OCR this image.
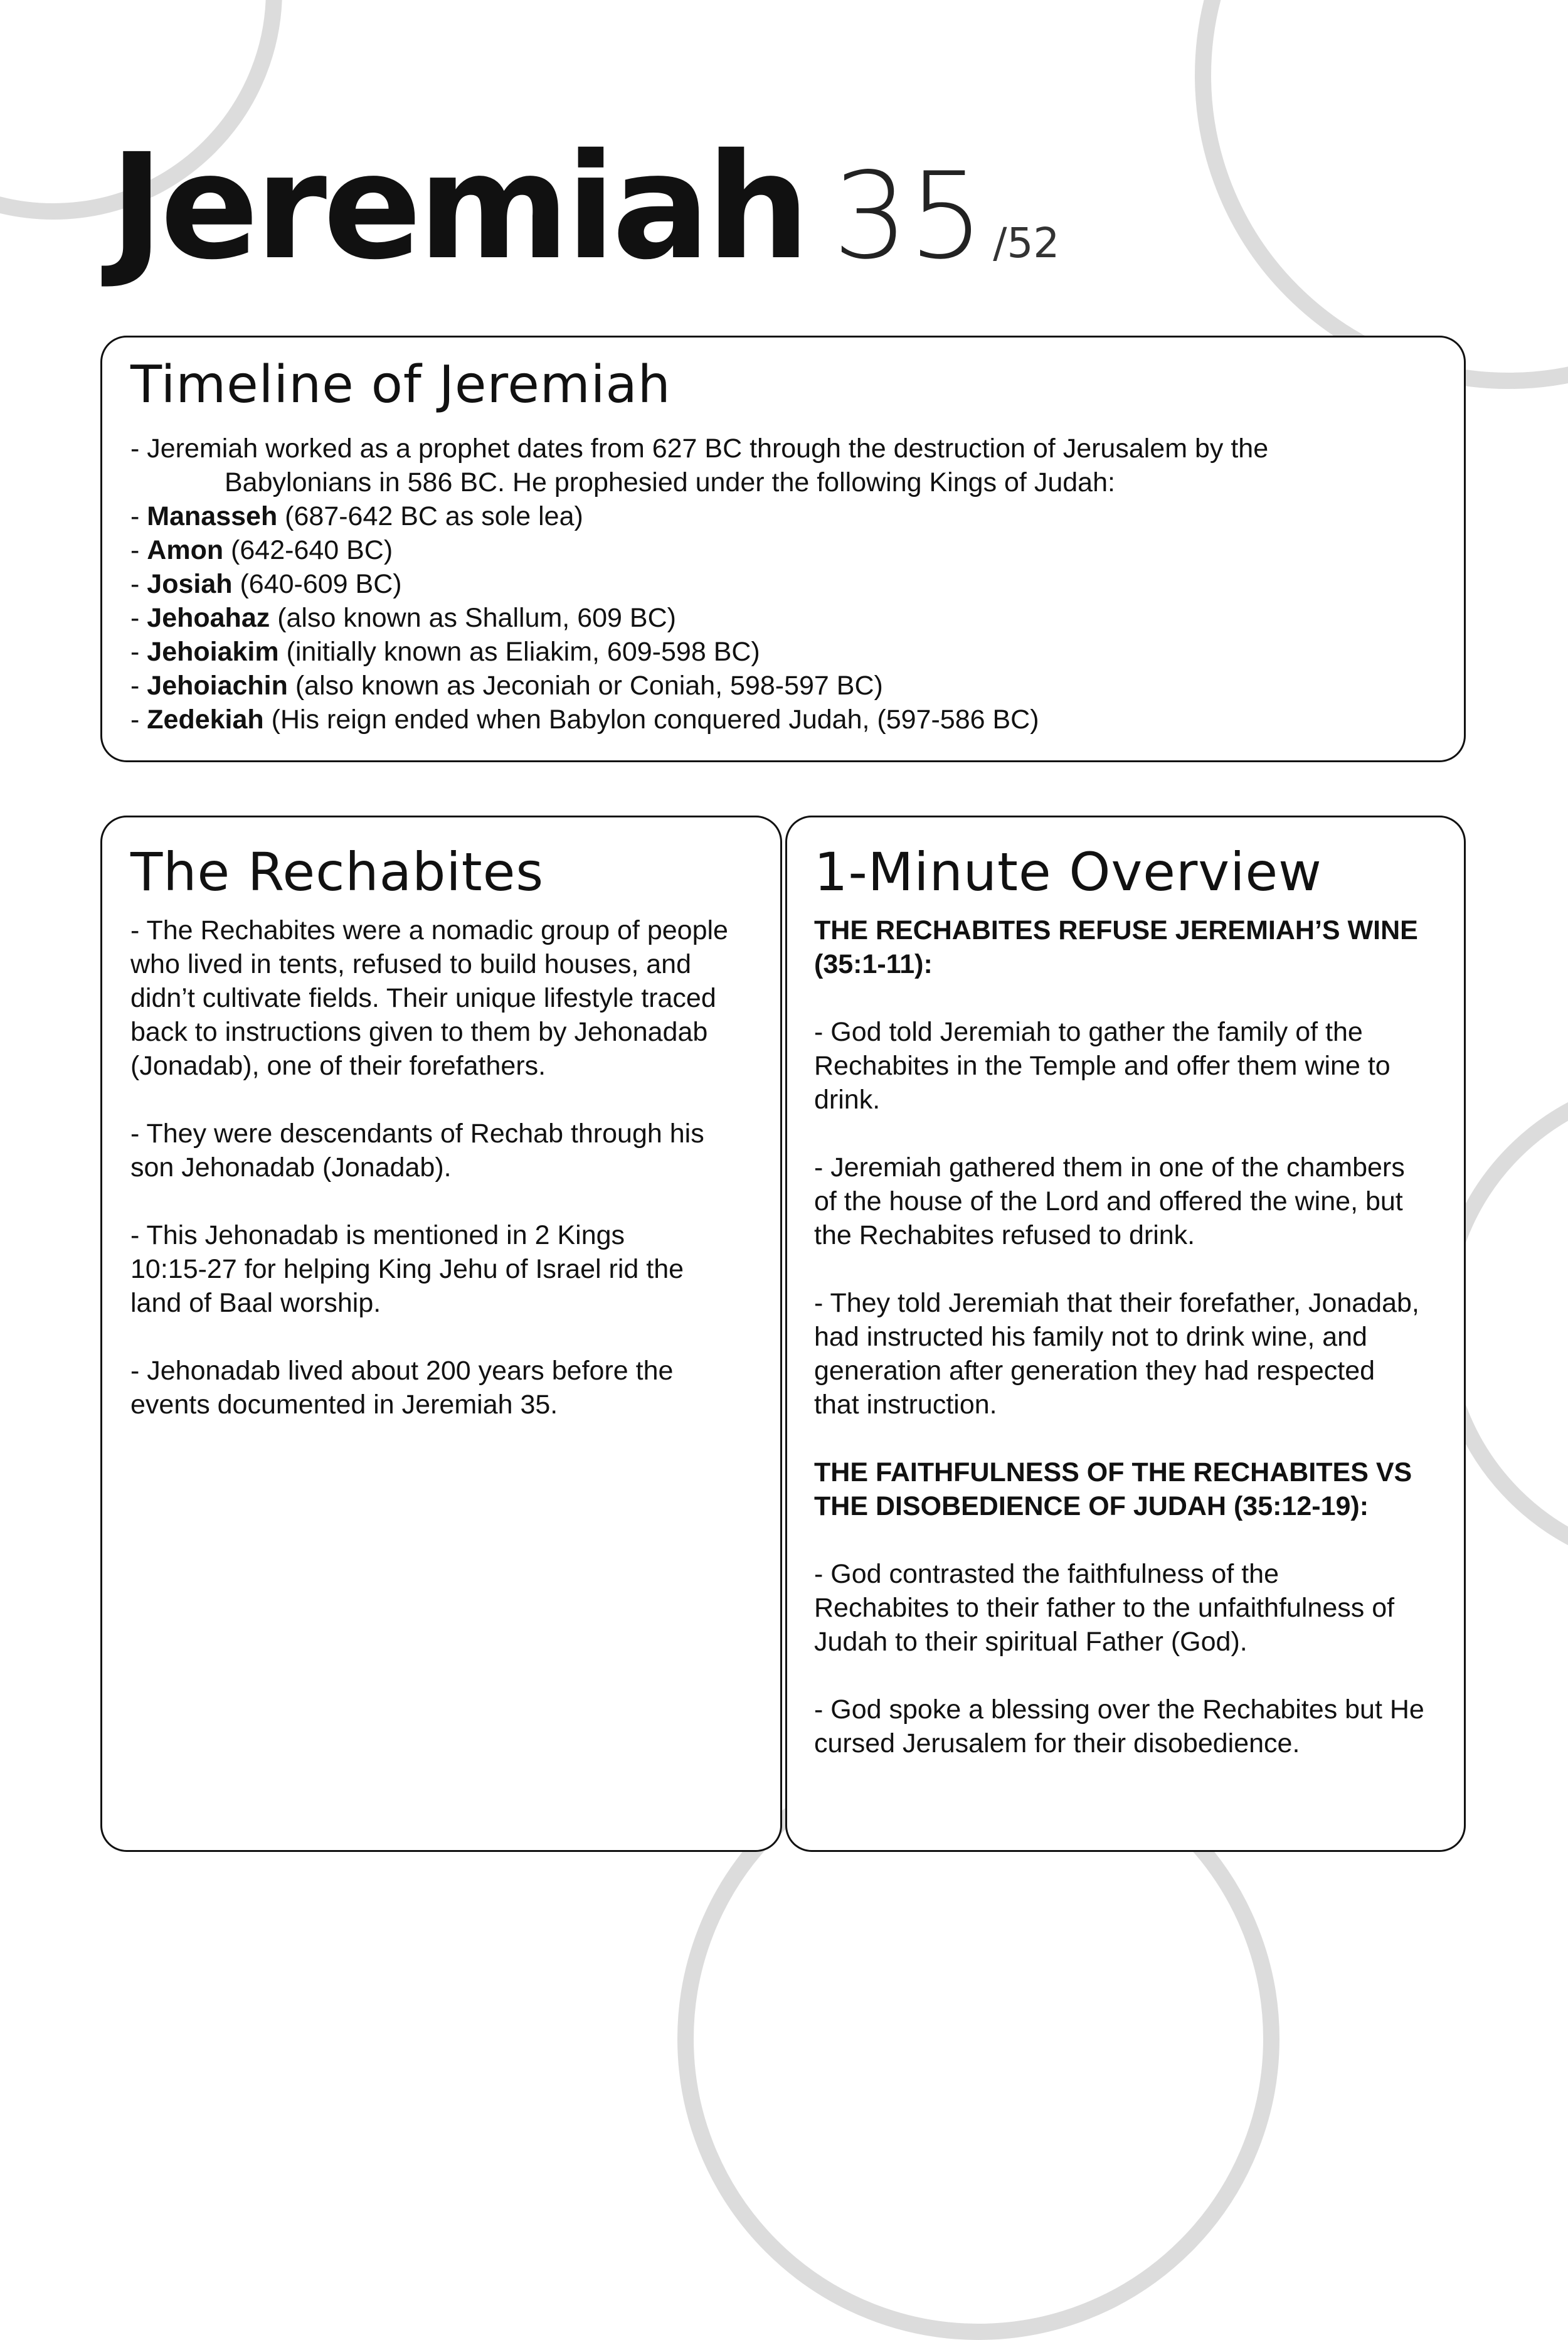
Jeremiah 35 /52
Timeline of Jeremiah

- Jeremiah worked as a prophet dates from 627 BC through the destruction of Jerusalem by the

Babylonians in 586 BC. He prophesied under the following Kings of Judah:

- Manasseh (687-642 BC as sole lea)

- Amon (642-640 BC)

- Josiah (640-609 BC)

- Jehoahaz (also known as Shallum, 609 BC)

- Jehoiakim (initially known as Eliakim, 609-598 BC)

- Jehoiachin (also known as Jeconiah or Coniah, 598-597 BC)

- Zedekiah (His reign ended when Babylon conquered Judah, (597-586 BC)

The Rechabites

- The Rechabites were a nomadic group of people

who lived in tents, refused to build houses, and

didn’t cultivate fields. Their unique lifestyle traced

back to instructions given to them by Jehonadab

(Jonadab), one of their forefathers.

- They were descendants of Rechab through his

son Jehonadab (Jonadab).

- This Jehonadab is mentioned in 2 Kings

10:15-27 for helping King Jehu of Israel rid the

land of Baal worship.

- Jehonadab lived about 200 years before the

events documented in Jeremiah 35.

1-Minute Overview

THE RECHABITES REFUSE JEREMIAH’S WINE

(35:1-11):

- God told Jeremiah to gather the family of the

Rechabites in the Temple and offer them wine to

drink.

- Jeremiah gathered them in one of the chambers

of the house of the Lord and offered the wine, but

the Rechabites refused to drink.

- They told Jeremiah that their forefather, Jonadab,

had instructed his family not to drink wine, and

generation after generation they had respected

that instruction.

THE FAITHFULNESS OF THE RECHABITES VS

THE DISOBEDIENCE OF JUDAH (35:12-19):

- God contrasted the faithfulness of the

Rechabites to their father to the unfaithfulness of

Judah to their spiritual Father (God).

- God spoke a blessing over the Rechabites but He

cursed Jerusalem for their disobedience.
